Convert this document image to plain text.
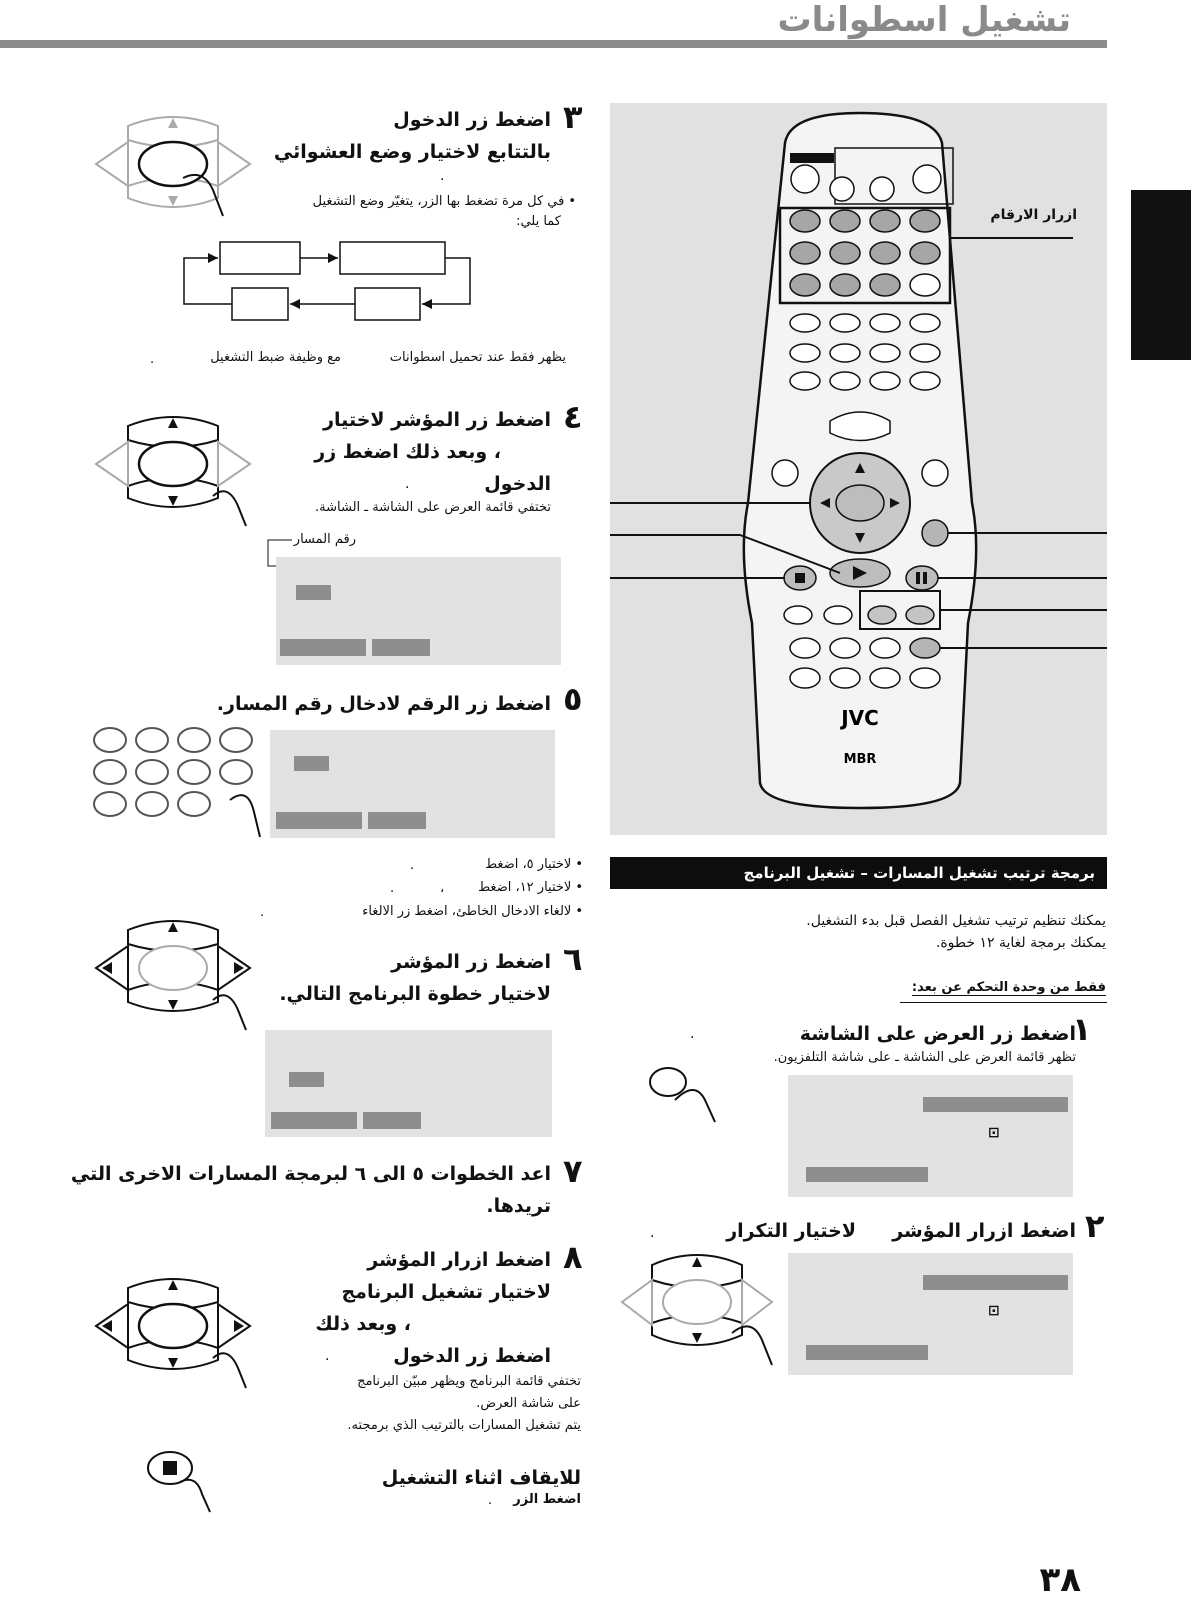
تشغيل اسطوانات
JVC
MBR
ازرار الارقام
برمجة ترتيب تشغيل المسارات – تشغيل البرنامج
يمكنك تنظيم ترتيب تشغيل الفصل قبل بدء التشغيل.
يمكنك برمجة لغاية ١٢ خطوة.
فقط من وحدة التحكم عن بعد:
١
اضغط زر العرض على الشاشة
.
تظهر قائمة العرض على الشاشة ـ على شاشة التلفزيون.
⊡
٢
اضغط ازرار المؤشر
لاختيار التكرار
.
⊡
٣
اضغط زر الدخول
بالتتابع لاختيار وضع العشوائي
.
• في كل مرة تضغط بها الزر، يتغيّر وضع التشغيل
كما يلي:
يظهر فقط عند تحميل اسطوانات
مع وظيفة ضبط التشغيل
.
٤
اضغط زر المؤشر لاختيار
، وبعد ذلك اضغط زر
الدخول
.
تختفي قائمة العرض على الشاشة ـ الشاشة.
رقم المسار
٥
اضغط زر الرقم لادخال رقم المسار.
• لاختيار ٥، اضغط
.
• لاختيار ١٢، اضغط
،
.
• لالغاء الادخال الخاطئ، اضغط زر الالغاء
.
٦
اضغط زر المؤشر
لاختيار خطوة البرنامج التالي.
٧
اعد الخطوات ٥ الى ٦ لبرمجة المسارات الاخرى التي
تريدها.
٨
اضغط ازرار المؤشر
لاختيار تشغيل البرنامج
، وبعد ذلك
اضغط زر الدخول
.
تختفي قائمة البرنامج ويظهر مبيّن البرنامج
على شاشة العرض.
يتم تشغيل المسارات بالترتيب الذي برمجته.
للايقاف اثناء التشغيل
اضغط الزر
.
٣٨
